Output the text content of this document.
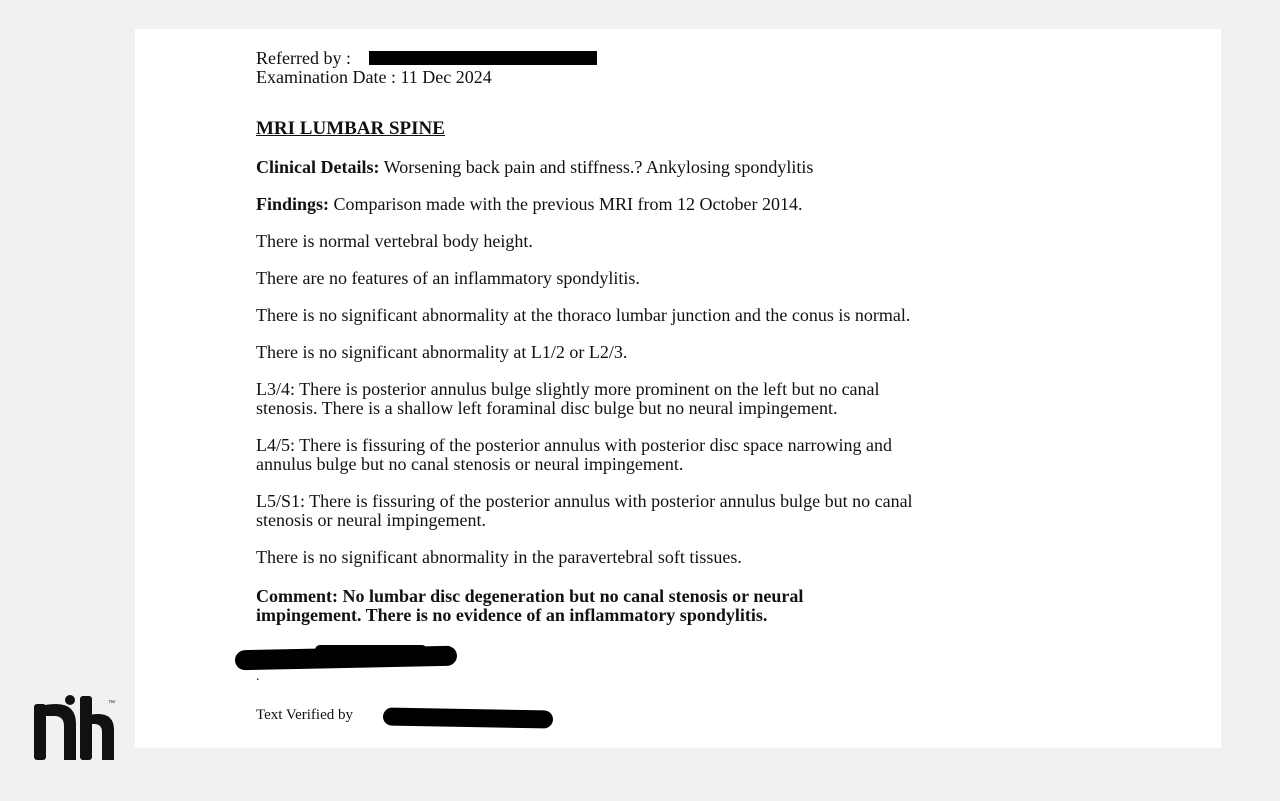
Referred by :
Examination Date : 11 Dec 2024
MRI LUMBAR SPINE

Clinical Details: Worsening back pain and stiffness.? Ankylosing spondylitis

Findings: Comparison made with the previous MRI from 12 October 2014.

There is normal vertebral body height.

There are no features of an inflammatory spondylitis.

There is no significant abnormality at the thoraco lumbar junction and the conus is normal.

There is no significant abnormality at L1/2 or L2/3.

L3/4: There is posterior annulus bulge slightly more prominent on the left but no canal
stenosis. There is a shallow left foraminal disc bulge but no neural impingement.
L4/5: There is fissuring of the posterior annulus with posterior disc space narrowing and
annulus bulge but no canal stenosis or neural impingement.
L5/S1: There is fissuring of the posterior annulus with posterior annulus bulge but no canal
stenosis or neural impingement.

There is no significant abnormality in the paravertebral soft tissues.

Comment: No lumbar disc degeneration but no canal stenosis or neural
impingement. There is no evidence of an inflammatory spondylitis.
.
Text Verified by
™
